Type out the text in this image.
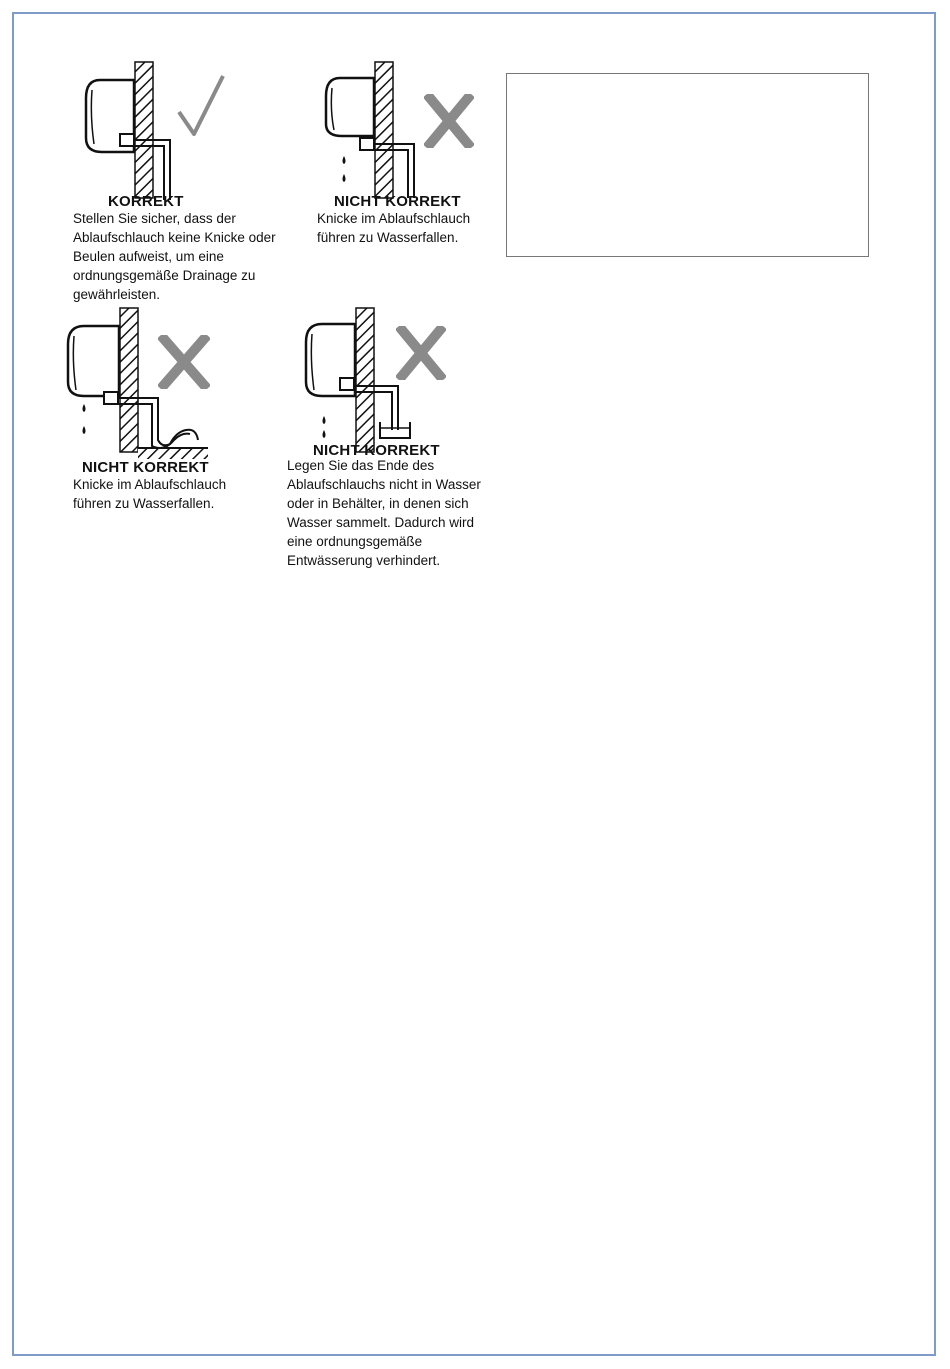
KORREKT
Stellen Sie sicher, dass der
Ablaufschlauch keine Knicke oder
Beulen aufweist, um eine
ordnungsgemäße Drainage zu
gewährleisten.
NICHT KORREKT
Knicke im Ablaufschlauch
führen zu Wasserfallen.
NICHT KORREKT
Knicke im Ablaufschlauch
führen zu Wasserfallen.
NICHT KORREKT
Legen Sie das Ende des
Ablaufschlauchs nicht in Wasser
oder in Behälter, in denen sich
Wasser sammelt. Dadurch wird
eine ordnungsgemäße
Entwässerung verhindert.
